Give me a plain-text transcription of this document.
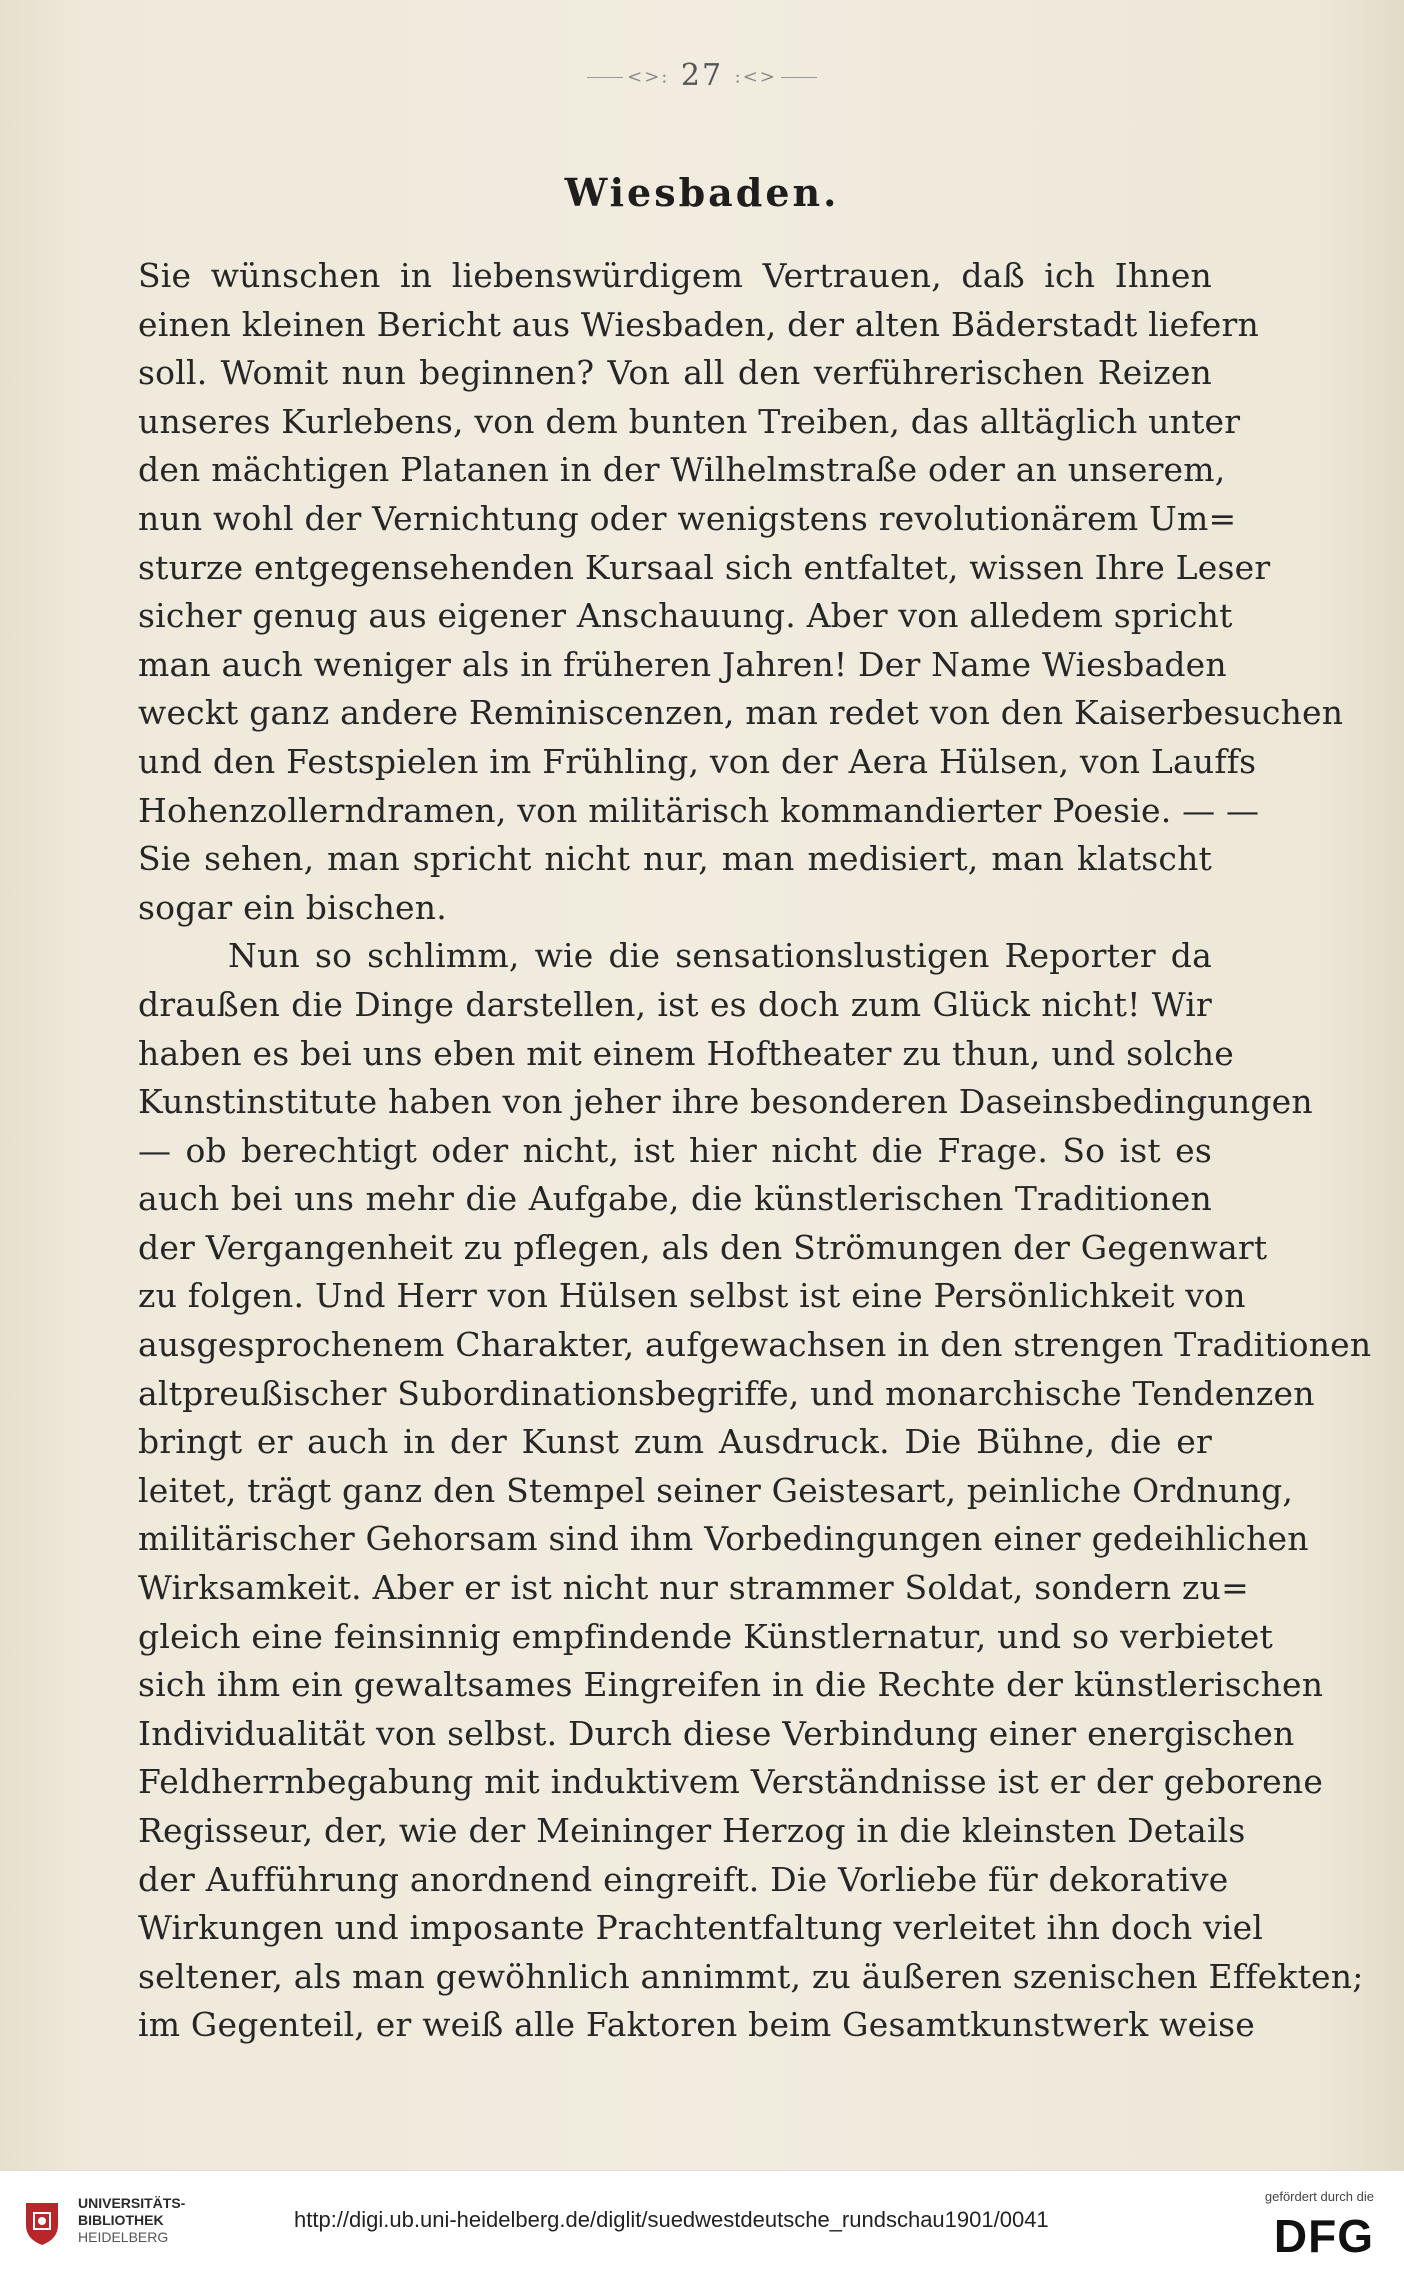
<>: 27 :<>
Wiesbaden.
Sie wünschen in liebenswürdigem Vertrauen, daß ich Ihnen
einen kleinen Bericht aus Wiesbaden, der alten Bäderstadt liefern
soll. Womit nun beginnen? Von all den verführerischen Reizen
unseres Kurlebens, von dem bunten Treiben, das alltäglich unter
den mächtigen Platanen in der Wilhelmstraße oder an unserem,
nun wohl der Vernichtung oder wenigstens revolutionärem Um=
sturze entgegensehenden Kursaal sich entfaltet, wissen Ihre Leser
sicher genug aus eigener Anschauung. Aber von alledem spricht
man auch weniger als in früheren Jahren! Der Name Wiesbaden
weckt ganz andere Reminiscenzen, man redet von den Kaiserbesuchen
und den Festspielen im Frühling, von der Aera Hülsen, von Lauffs
Hohenzollerndramen, von militärisch kommandierter Poesie. — —
Sie sehen, man spricht nicht nur, man medisiert, man klatscht
sogar ein bischen.
Nun so schlimm, wie die sensationslustigen Reporter da
draußen die Dinge darstellen, ist es doch zum Glück nicht! Wir
haben es bei uns eben mit einem Hoftheater zu thun, und solche
Kunstinstitute haben von jeher ihre besonderen Daseinsbedingungen
— ob berechtigt oder nicht, ist hier nicht die Frage. So ist es
auch bei uns mehr die Aufgabe, die künstlerischen Traditionen
der Vergangenheit zu pflegen, als den Strömungen der Gegenwart
zu folgen. Und Herr von Hülsen selbst ist eine Persönlichkeit von
ausgesprochenem Charakter, aufgewachsen in den strengen Traditionen
altpreußischer Subordinationsbegriffe, und monarchische Tendenzen
bringt er auch in der Kunst zum Ausdruck. Die Bühne, die er
leitet, trägt ganz den Stempel seiner Geistesart, peinliche Ordnung,
militärischer Gehorsam sind ihm Vorbedingungen einer gedeihlichen
Wirksamkeit. Aber er ist nicht nur strammer Soldat, sondern zu=
gleich eine feinsinnig empfindende Künstlernatur, und so verbietet
sich ihm ein gewaltsames Eingreifen in die Rechte der künstlerischen
Individualität von selbst. Durch diese Verbindung einer energischen
Feldherrnbegabung mit induktivem Verständnisse ist er der geborene
Regisseur, der, wie der Meininger Herzog in die kleinsten Details
der Aufführung anordnend eingreift. Die Vorliebe für dekorative
Wirkungen und imposante Prachtentfaltung verleitet ihn doch viel
seltener, als man gewöhnlich annimmt, zu äußeren szenischen Effekten;
im Gegenteil, er weiß alle Faktoren beim Gesamtkunstwerk weise
UNIVERSITÄTS-
BIBLIOTHEK
HEIDELBERG
http://digi.ub.uni-heidelberg.de/diglit/suedwestdeutsche_rundschau1901/0041
gefördert durch die
DFG
